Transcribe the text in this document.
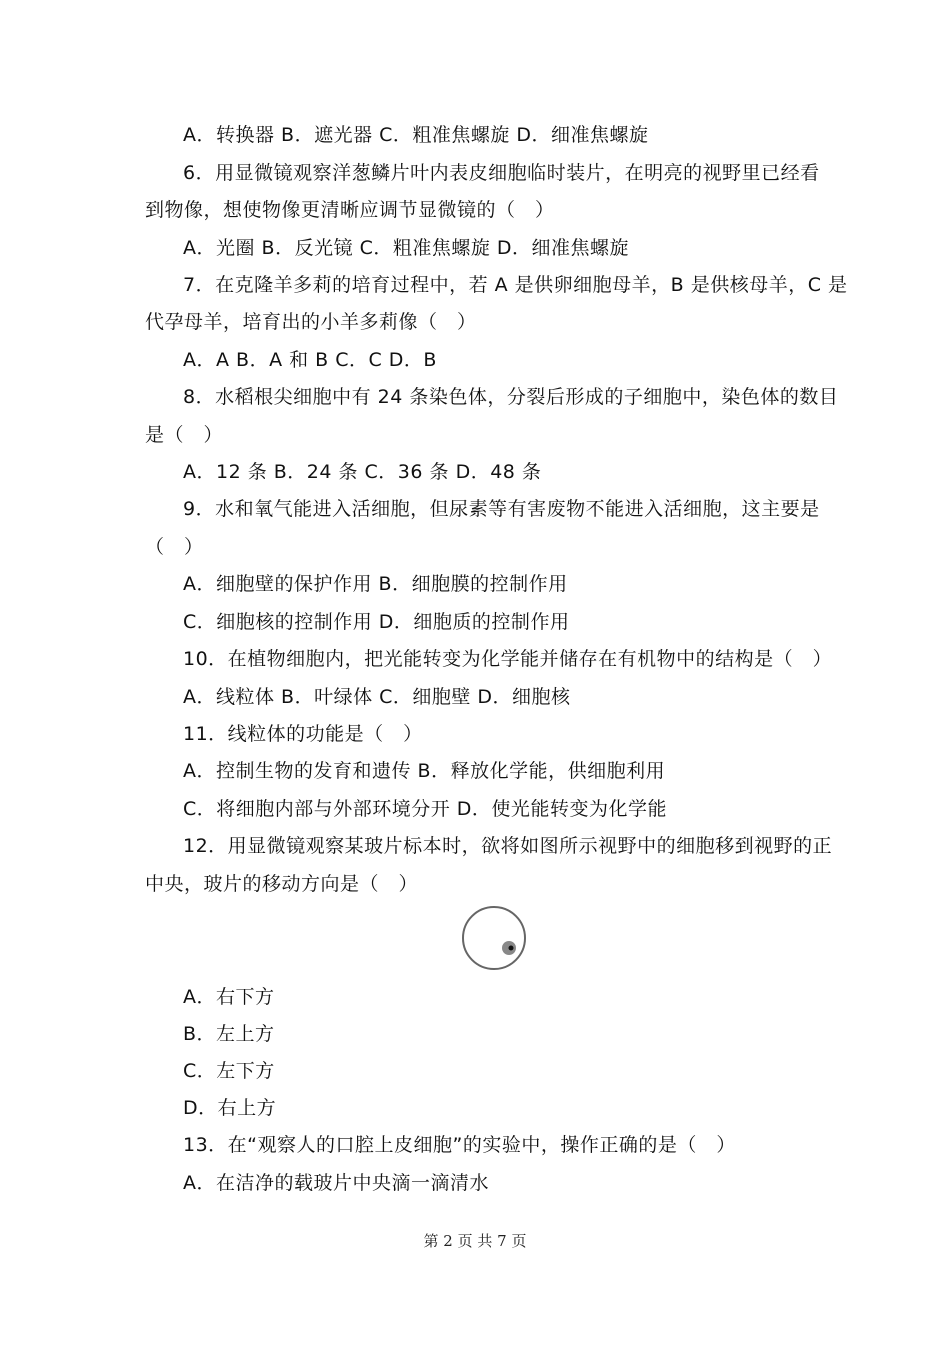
A．转换器 B．遮光器 C．粗准焦螺旋 D．细准焦螺旋
6．用显微镜观察洋葱鳞片叶内表皮细胞临时装片，在明亮的视野里已经看
到物像，想使物像更清晰应调节显微镜的（　）
A．光圈 B．反光镜 C．粗准焦螺旋 D．细准焦螺旋
7．在克隆羊多莉的培育过程中，若 A 是供卵细胞母羊，B 是供核母羊，C 是
代孕母羊，培育出的小羊多莉像（　）
A．A B．A 和 B C．C D．B
8．水稻根尖细胞中有 24 条染色体，分裂后形成的子细胞中，染色体的数目
是（　）
A．12 条 B．24 条 C．36 条 D．48 条
9．水和氧气能进入活细胞，但尿素等有害废物不能进入活细胞，这主要是
（　）
A．细胞壁的保护作用 B．细胞膜的控制作用
C．细胞核的控制作用 D．细胞质的控制作用
10．在植物细胞内，把光能转变为化学能并储存在有机物中的结构是（　）
A．线粒体 B．叶绿体 C．细胞壁 D．细胞核
11．线粒体的功能是（　）
A．控制生物的发育和遗传 B．释放化学能，供细胞利用
C．将细胞内部与外部环境分开 D．使光能转变为化学能
12．用显微镜观察某玻片标本时，欲将如图所示视野中的细胞移到视野的正
中央，玻片的移动方向是（　）
A．右下方
B．左上方
C．左下方
D．右上方
13．在“观察人的口腔上皮细胞”的实验中，操作正确的是（　）
A．在洁净的载玻片中央滴一滴清水
第 2 页 共 7 页
